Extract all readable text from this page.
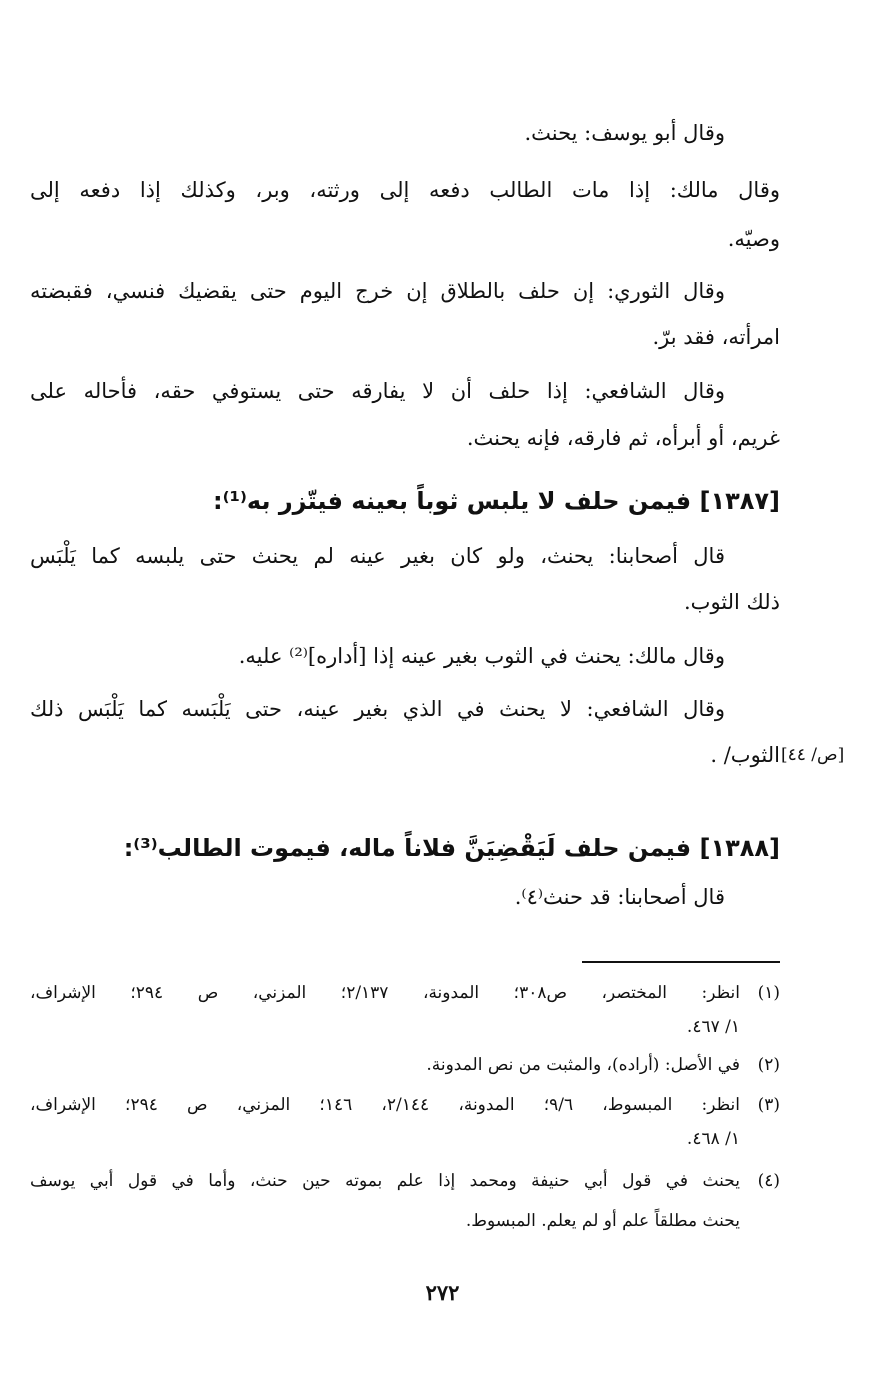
وقال أبو يوسف: يحنث.
وقال مالك: إذا مات الطالب دفعه إلى ورثته، وبر، وكذلك إذا دفعه إلى
وصيّه.
وقال الثوري: إن حلف بالطلاق إن خرج اليوم حتى يقضيك فنسي، فقبضته
امرأته، فقد برّ.
وقال الشافعي: إذا حلف أن لا يفارقه حتى يستوفي حقه، فأحاله على
غريم، أو أبرأه، ثم فارقه، فإنه يحنث.
[١٣٨٧] فيمن حلف لا يلبس ثوباً بعينه فيتّزر به⁽¹⁾:
قال أصحابنا: يحنث، ولو كان بغير عينه لم يحنث حتى يلبسه كما يَلْبَس
ذلك الثوب.
وقال مالك: يحنث في الثوب بغير عينه إذا [أداره]⁽²⁾ عليه.
وقال الشافعي: لا يحنث في الذي بغير عينه، حتى يَلْبَسه كما يَلْبَس ذلك
الثوب/ . [ص/ ٤٤]
[١٣٨٨] فيمن حلف لَيَقْضِيَنَّ فلاناً ماله، فيموت الطالب⁽³⁾:
قال أصحابنا: قد حنث⁽٤⁾.
(١)انظر: المختصر، ص٣٠٨؛ المدونة، ٢/١٣٧؛ المزني، ص ٢٩٤؛ الإشراف،
١/ ٤٦٧.
(٢)في الأصل: (أراده)، والمثبت من نص المدونة.
(٣)انظر: المبسوط، ٩/٦؛ المدونة، ٢/١٤٤، ١٤٦؛ المزني، ص ٢٩٤؛ الإشراف،
١/ ٤٦٨.
(٤)يحنث في قول أبي حنيفة ومحمد إذا علم بموته حين حنث، وأما في قول أبي يوسف
يحنث مطلقاً علم أو لم يعلم. المبسوط.
٢٧٢
